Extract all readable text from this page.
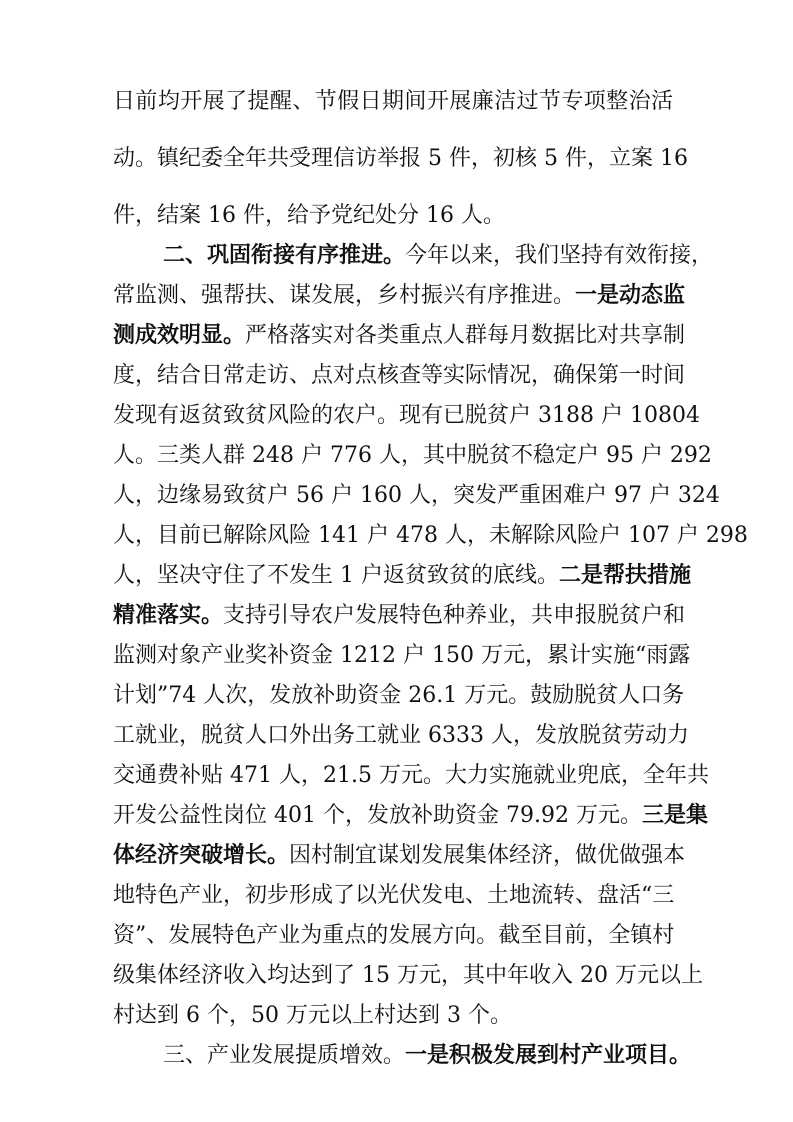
日前均开展了提醒、节假日期间开展廉洁过节专项整治活
动。镇纪委全年共受理信访举报 5 件，初核 5 件，立案 16
件，结案 16 件，给予党纪处分 16 人。
二、巩固衔接有序推进。今年以来，我们坚持有效衔接，
常监测、强帮扶、谋发展，乡村振兴有序推进。一是动态监
测成效明显。严格落实对各类重点人群每月数据比对共享制
度，结合日常走访、点对点核查等实际情况，确保第一时间
发现有返贫致贫风险的农户。现有已脱贫户 3188 户 10804
人。三类人群 248 户 776 人，其中脱贫不稳定户 95 户 292
人，边缘易致贫户 56 户 160 人，突发严重困难户 97 户 324
人，目前已解除风险 141 户 478 人，未解除风险户 107 户 298
人，坚决守住了不发生 1 户返贫致贫的底线。二是帮扶措施
精准落实。支持引导农户发展特色种养业，共申报脱贫户和
监测对象产业奖补资金 1212 户 150 万元，累计实施“雨露
计划”74 人次，发放补助资金 26.1 万元。鼓励脱贫人口务
工就业，脱贫人口外出务工就业 6333 人，发放脱贫劳动力
交通费补贴 471 人，21.5 万元。大力实施就业兜底，全年共
开发公益性岗位 401 个，发放补助资金 79.92 万元。三是集
体经济突破增长。因村制宜谋划发展集体经济，做优做强本
地特色产业，初步形成了以光伏发电、土地流转、盘活“三
资”、发展特色产业为重点的发展方向。截至目前，全镇村
级集体经济收入均达到了 15 万元，其中年收入 20 万元以上
村达到 6 个，50 万元以上村达到 3 个。
三、产业发展提质增效。一是积极发展到村产业项目。
